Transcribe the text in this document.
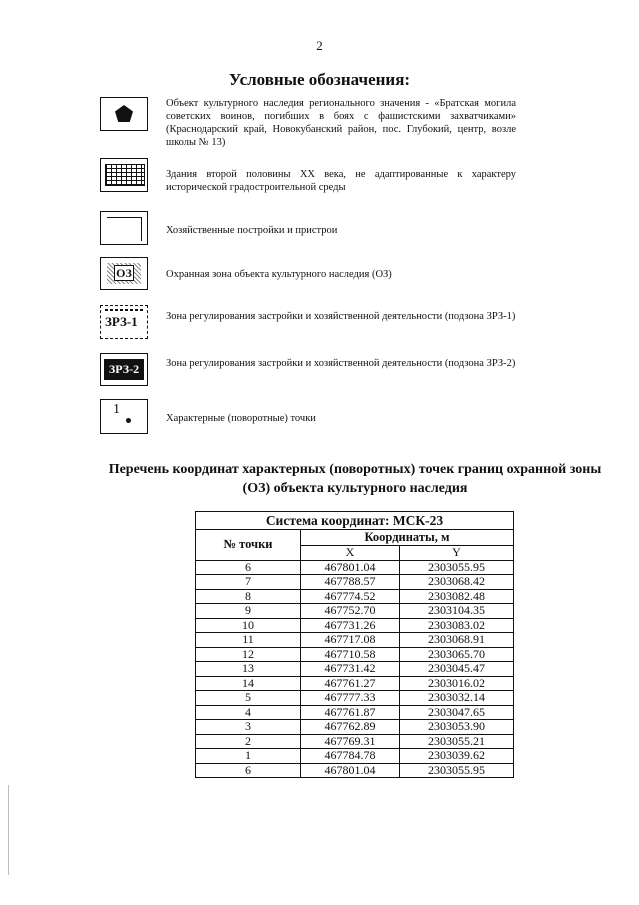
2
Условные обозначения:
Объект культурного наследия регионального значения - «Братская могила советских воинов, погибших в боях с фашистскими захватчиками» (Краснодарский край, Новокубанский район, пос. Глубокий, центр, возле школы № 13)
Здания второй половины XX века, не адаптированные к характеру исторической градостроительной среды
Хозяйственные постройки и пристрои
ОЗ	Охранная зона объекта культурного наследия (ОЗ)
ЗРЗ-1	Зона регулирования застройки и хозяйственной деятельности (подзона ЗРЗ-1)
ЗРЗ-2	Зона регулирования застройки и хозяйственной деятельности (подзона ЗРЗ-2)
1
Характерные (поворотные) точки
Перечень координат характерных (поворотных) точек границ охранной зоны (ОЗ) объекта культурного наследия
Система координат: МСК-23		
№ точки	Координаты, м	
	X	Y
6	467801.04	2303055.95
7	467788.57	2303068.42
8	467774.52	2303082.48
9	467752.70	2303104.35
10	467731.26	2303083.02
11	467717.08	2303068.91
12	467710.58	2303065.70
13	467731.42	2303045.47
14	467761.27	2303016.02
5	467777.33	2303032.14
4	467761.87	2303047.65
3	467762.89	2303053.90
2	467769.31	2303055.21
1	467784.78	2303039.62
6	467801.04	2303055.95
